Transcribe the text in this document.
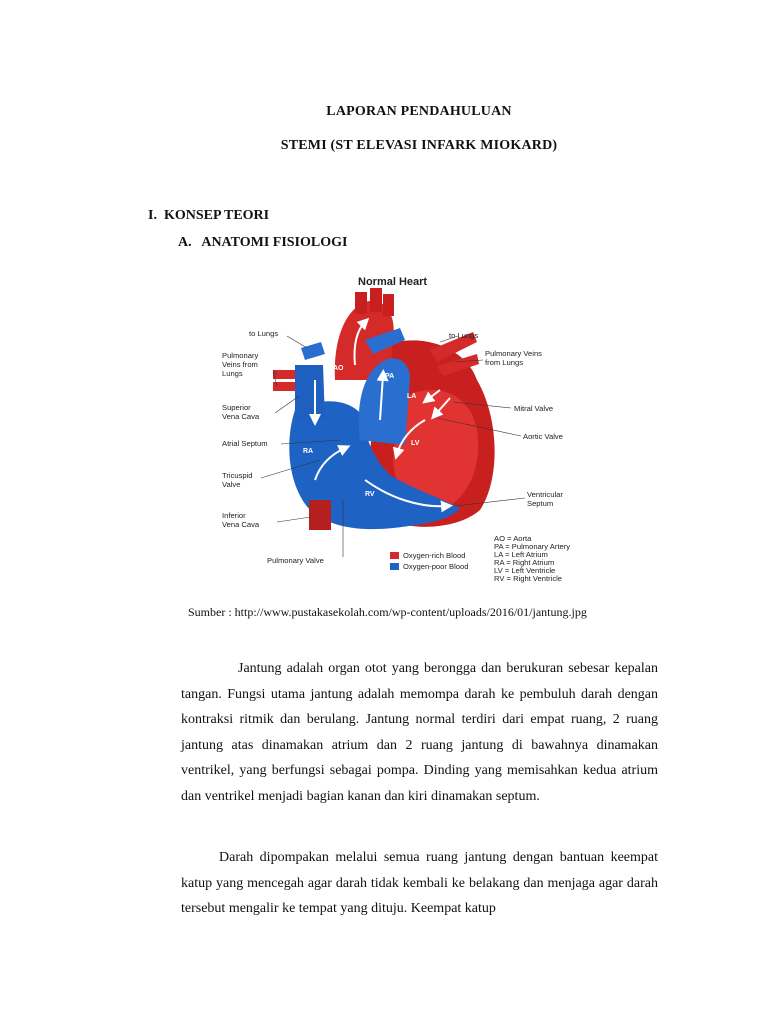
LAPORAN PENDAHULUAN
STEMI (ST ELEVASI INFARK MIOKARD)
I.  KONSEP TEORI
A.   ANATOMI FISIOLOGI
Normal Heart
AO
PA
LA
RA
LV
RV
to Lungs
Pulmonary
Veins from
Lungs
Superior
Vena Cava
Atrial Septum
Tricuspid
Valve
Inferior
Vena Cava
Pulmonary Valve
to Lungs
Pulmonary Veins
from Lungs
Mitral Valve
Aortic Valve
Ventricular
Septum
Oxygen-rich Blood
Oxygen-poor Blood
AO = Aorta
PA = Pulmonary Artery
LA = Left Atrium
RA = Right Atrium
LV = Left Ventricle
RV = Right Ventricle
Sumber : http://www.pustakasekolah.com/wp-content/uploads/2016/01/jantung.jpg
Jantung adalah organ otot yang berongga dan berukuran sebesar kepalan tangan. Fungsi utama jantung adalah memompa darah ke pembuluh darah dengan kontraksi ritmik dan berulang. Jantung normal terdiri dari empat ruang, 2 ruang jantung atas dinamakan atrium dan 2 ruang jantung di bawahnya dinamakan ventrikel, yang berfungsi sebagai pompa. Dinding yang memisahkan kedua atrium dan ventrikel menjadi bagian kanan dan kiri dinamakan septum.
Darah dipompakan melalui semua ruang jantung dengan bantuan keempat katup yang mencegah agar darah tidak kembali ke belakang dan menjaga agar darah tersebut mengalir ke tempat yang dituju. Keempat katup
